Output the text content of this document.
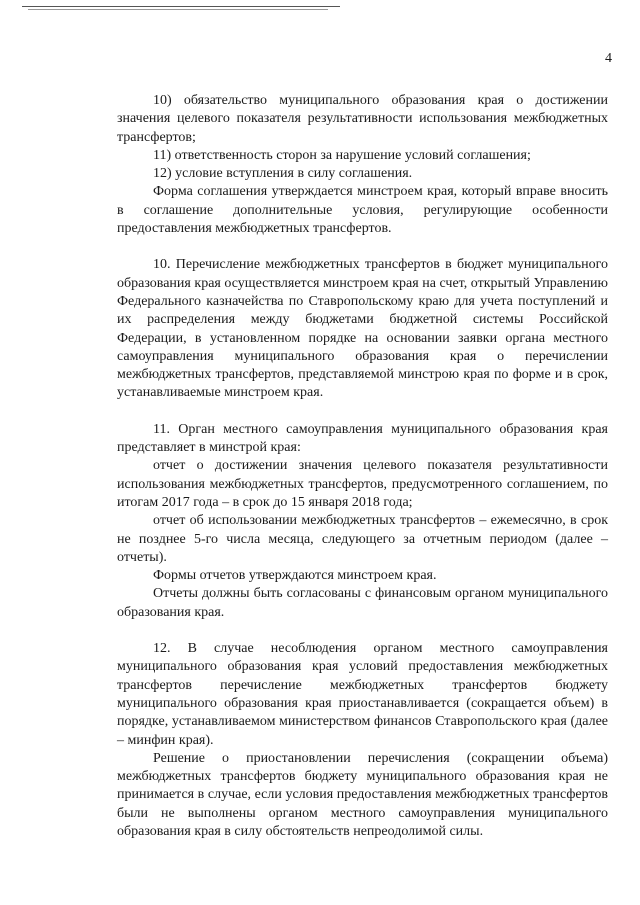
4

10) обязательство муниципального образования края о достижении значения целевого показателя результативности использования межбюджетных трансфертов;

11) ответственность сторон за нарушение условий соглашения;

12) условие вступления в силу соглашения.

Форма соглашения утверждается минстроем края, который вправе вносить в соглашение дополнительные условия, регулирующие особенности предоставления межбюджетных трансфертов.

10. Перечисление межбюджетных трансфертов в бюджет муниципального образования края осуществляется минстроем края на счет, открытый Управлению Федерального казначейства по Ставропольскому краю для учета поступлений и их распределения между бюджетами бюджетной системы Российской Федерации, в установленном порядке на основании заявки органа местного самоуправления муниципального образования края о перечислении межбюджетных трансфертов, представляемой минстрою края по форме и в срок, устанавливаемые минстроем края.

11. Орган местного самоуправления муниципального образования края представляет в минстрой края:

отчет о достижении значения целевого показателя результативности использования межбюджетных трансфертов, предусмотренного соглашением, по итогам 2017 года – в срок до 15 января 2018 года;

отчет об использовании межбюджетных трансфертов – ежемесячно, в срок не позднее 5-го числа месяца, следующего за отчетным периодом (далее – отчеты).

Формы отчетов утверждаются минстроем края.

Отчеты должны быть согласованы с финансовым органом муниципального образования края.

12. В случае несоблюдения органом местного самоуправления муниципального образования края условий предоставления межбюджетных трансфертов перечисление межбюджетных трансфертов бюджету муниципального образования края приостанавливается (сокращается объем) в порядке, устанавливаемом министерством финансов Ставропольского края (далее – минфин края).

Решение о приостановлении перечисления (сокращении объема) межбюджетных трансфертов бюджету муниципального образования края не принимается в случае, если условия предоставления межбюджетных трансфертов были не выполнены органом местного самоуправления муниципального образования края в силу обстоятельств непреодолимой силы.
